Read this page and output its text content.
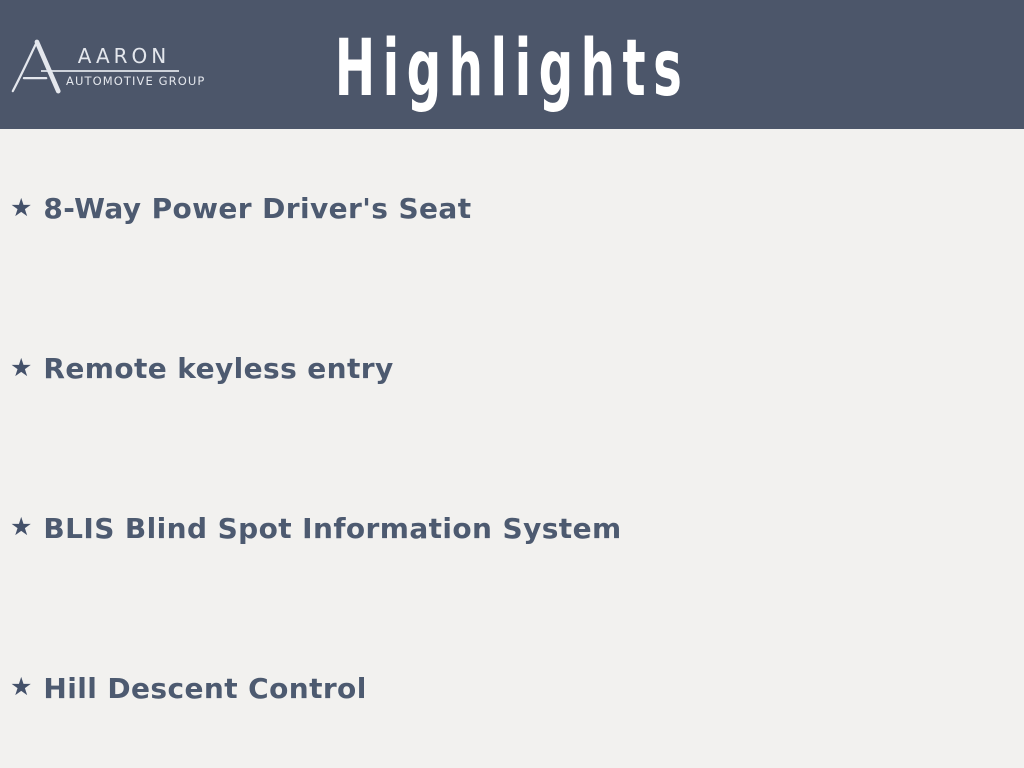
AARON
AUTOMOTIVE GROUP Highlights
★ 8-Way Power Driver's Seat
★ Remote keyless entry
★ BLIS Blind Spot Information System
★ Hill Descent Control
